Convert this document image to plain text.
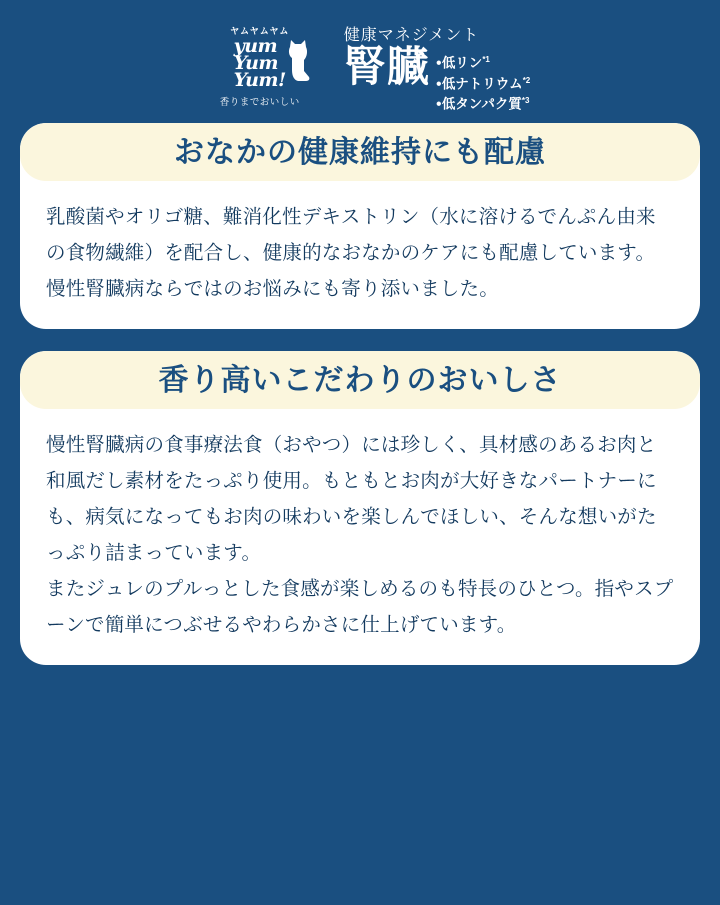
ヤムヤムヤム
yum
Yum
Yum!
香りまでおいしい
健康マネジメント
腎臓 ●低リン$^{*1}$
●低ナトリウム$^{*2}$
●低タンパク質$^{*3}$
おなかの健康維持にも配慮

乳酸菌やオリゴ糖、難消化性デキストリン（水に溶けるでんぷん由来の食物繊維）を配合し、健康的なおなかのケアにも配慮しています。慢性腎臓病ならではのお悩みにも寄り添いました。

香り高いこだわりのおいしさ

慢性腎臓病の食事療法食（おやつ）には珍しく、具材感のあるお肉と和風だし素材をたっぷり使用。もともとお肉が大好きなパートナーにも、病気になってもお肉の味わいを楽しんでほしい、そんな想いがたっぷり詰まっています。

またジュレのプルっとした食感が楽しめるのも特長のひとつ。指やスプーンで簡単につぶせるやわらかさに仕上げています。
